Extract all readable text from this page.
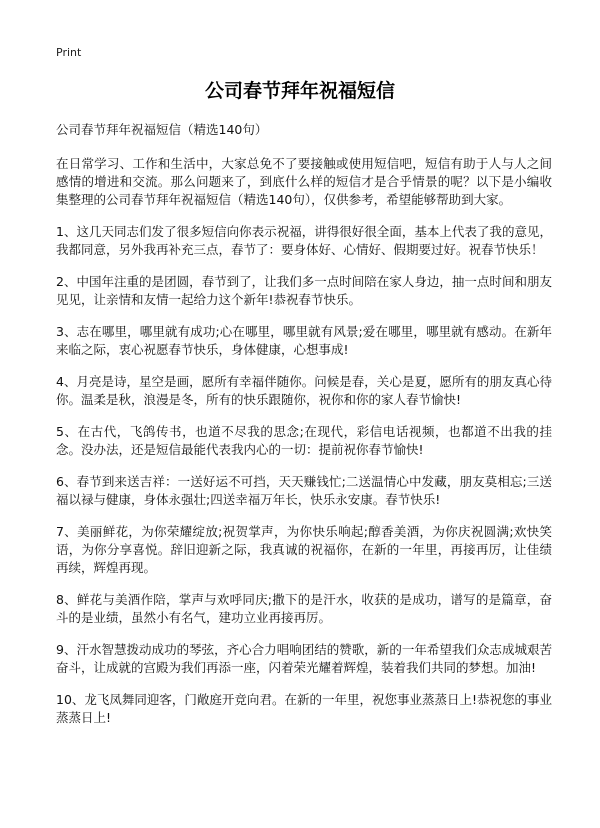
Print
公司春节拜年祝福短信

公司春节拜年祝福短信（精选140句）

在日常学习、工作和生活中，大家总免不了要接触或使用短信吧，短信有助于人与人之间感情的增进和交流。那么问题来了，到底什么样的短信才是合乎情景的呢？以下是小编收集整理的公司春节拜年祝福短信（精选140句），仅供参考，希望能够帮助到大家。

1、这几天同志们发了很多短信向你表示祝福，讲得很好很全面，基本上代表了我的意见，我都同意，另外我再补充三点，春节了：要身体好、心情好、假期要过好。祝春节快乐！

2、中国年注重的是团圆，春节到了，让我们多一点时间陪在家人身边，抽一点时间和朋友见见，让亲情和友情一起给力这个新年!恭祝春节快乐。

3、志在哪里，哪里就有成功;心在哪里，哪里就有风景;爱在哪里，哪里就有感动。在新年来临之际，衷心祝愿春节快乐，身体健康，心想事成!

4、月亮是诗，星空是画，愿所有幸福伴随你。问候是春，关心是夏，愿所有的朋友真心待你。温柔是秋，浪漫是冬，所有的快乐跟随你，祝你和你的家人春节愉快!

5、在古代，飞鸽传书，也道不尽我的思念;在现代，彩信电话视频，也都道不出我的挂念。没办法，还是短信最能代表我内心的一切：提前祝你春节愉快!

6、春节到来送吉祥：一送好运不可挡，天天赚钱忙;二送温情心中发藏，朋友莫相忘;三送福以禄与健康，身体永强壮;四送幸福万年长，快乐永安康。春节快乐!

7、美丽鲜花，为你荣耀绽放;祝贺掌声，为你快乐响起;醇香美酒，为你庆祝圆满;欢快笑语，为你分享喜悦。辞旧迎新之际，我真诚的祝福你，在新的一年里，再接再厉，让佳绩再续，辉煌再现。

8、鲜花与美酒作陪，掌声与欢呼同庆;撒下的是汗水，收获的是成功，谱写的是篇章，奋斗的是业绩，虽然小有名气，建功立业再接再厉。

9、汗水智慧拨动成功的琴弦，齐心合力唱响团结的赞歌，新的一年希望我们众志成城艰苦奋斗，让成就的宫殿为我们再添一座，闪着荣光耀着辉煌，装着我们共同的梦想。加油!

10、龙飞凤舞同迎客，门敞庭开竞向君。在新的一年里，祝您事业蒸蒸日上!恭祝您的事业蒸蒸日上!
